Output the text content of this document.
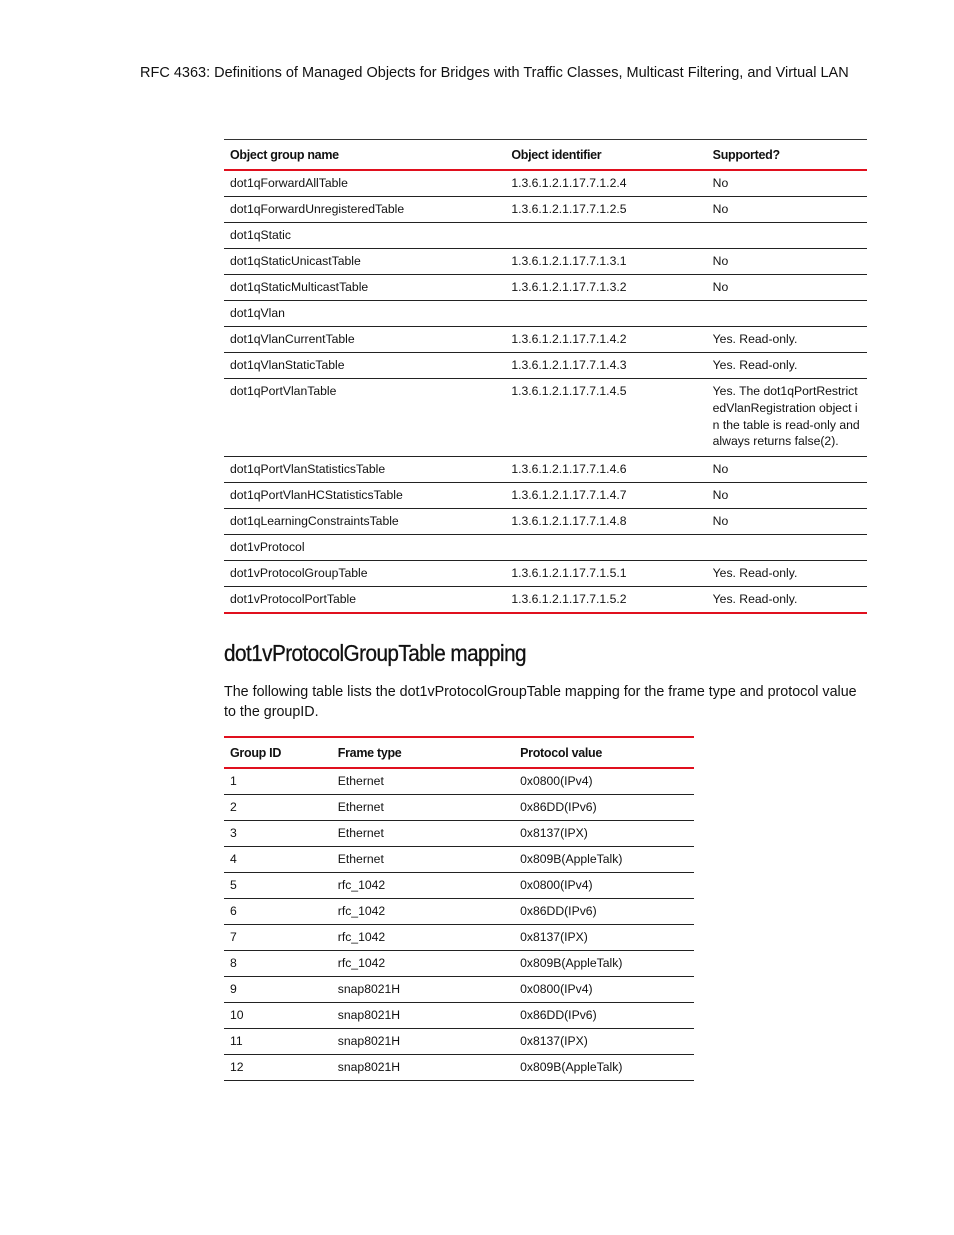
RFC 4363: Definitions of Managed Objects for Bridges with Traffic Classes, Multicast Filtering, and Virtual LAN
Object group name	Object identifier	Supported?
dot1qForwardAllTable	1.3.6.1.2.1.17.7.1.2.4	No
dot1qForwardUnregisteredTable	1.3.6.1.2.1.17.7.1.2.5	No
dot1qStatic		
dot1qStaticUnicastTable	1.3.6.1.2.1.17.7.1.3.1	No
dot1qStaticMulticastTable	1.3.6.1.2.1.17.7.1.3.2	No
dot1qVlan		
dot1qVlanCurrentTable	1.3.6.1.2.1.17.7.1.4.2	Yes. Read-only.
dot1qVlanStaticTable	1.3.6.1.2.1.17.7.1.4.3	Yes. Read-only.
dot1qPortVlanTable	1.3.6.1.2.1.17.7.1.4.5	Yes. The dot1qPortRestrictedVlanRegistration object in the table is read-only and always returns false(2).
dot1qPortVlanStatisticsTable	1.3.6.1.2.1.17.7.1.4.6	No
dot1qPortVlanHCStatisticsTable	1.3.6.1.2.1.17.7.1.4.7	No
dot1qLearningConstraintsTable	1.3.6.1.2.1.17.7.1.4.8	No
dot1vProtocol		
dot1vProtocolGroupTable	1.3.6.1.2.1.17.7.1.5.1	Yes. Read-only.
dot1vProtocolPortTable	1.3.6.1.2.1.17.7.1.5.2	Yes. Read-only.
dot1vProtocolGroupTable mapping

The following table lists the dot1vProtocolGroupTable mapping for the frame type and protocol value to the groupID.

Group ID	Frame type	Protocol value
1	Ethernet	0x0800(IPv4)
2	Ethernet	0x86DD(IPv6)
3	Ethernet	0x8137(IPX)
4	Ethernet	0x809B(AppleTalk)
5	rfc_1042	0x0800(IPv4)
6	rfc_1042	0x86DD(IPv6)
7	rfc_1042	0x8137(IPX)
8	rfc_1042	0x809B(AppleTalk)
9	snap8021H	0x0800(IPv4)
10	snap8021H	0x86DD(IPv6)
11	snap8021H	0x8137(IPX)
12	snap8021H	0x809B(AppleTalk)
